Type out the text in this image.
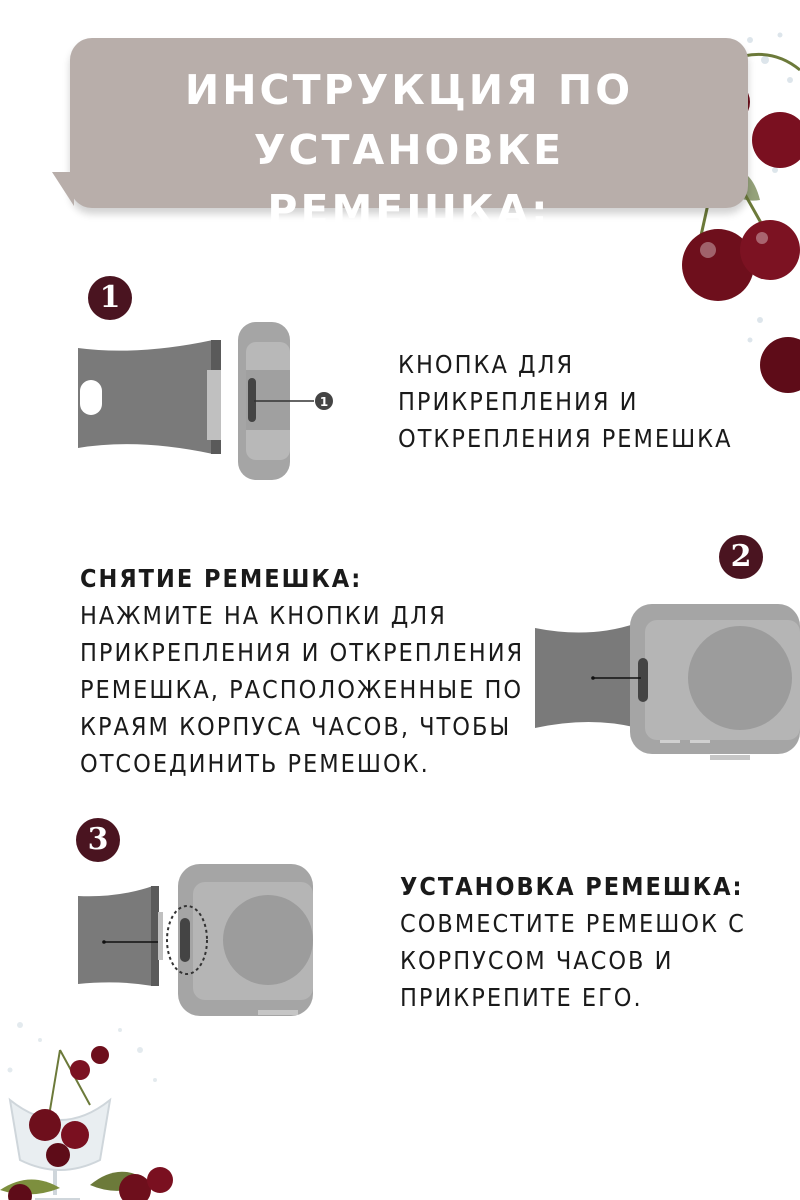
ИНСТРУКЦИЯ ПО УСТАНОВКЕ
РЕМЕШКА:
1
1
КНОПКА ДЛЯ
ПРИКРЕПЛЕНИЯ И
ОТКРЕПЛЕНИЯ РЕМЕШКА
2
СНЯТИЕ РЕМЕШКА:
НАЖМИТЕ НА КНОПКИ ДЛЯ
ПРИКРЕПЛЕНИЯ И ОТКРЕПЛЕНИЯ
РЕМЕШКА, РАСПОЛОЖЕННЫЕ ПО
КРАЯМ КОРПУСА ЧАСОВ, ЧТОБЫ
ОТСОЕДИНИТЬ РЕМЕШОК.
3
УСТАНОВКА РЕМЕШКА:
СОВМЕСТИТЕ РЕМЕШОК С
КОРПУСОМ ЧАСОВ И
ПРИКРЕПИТЕ ЕГО.
